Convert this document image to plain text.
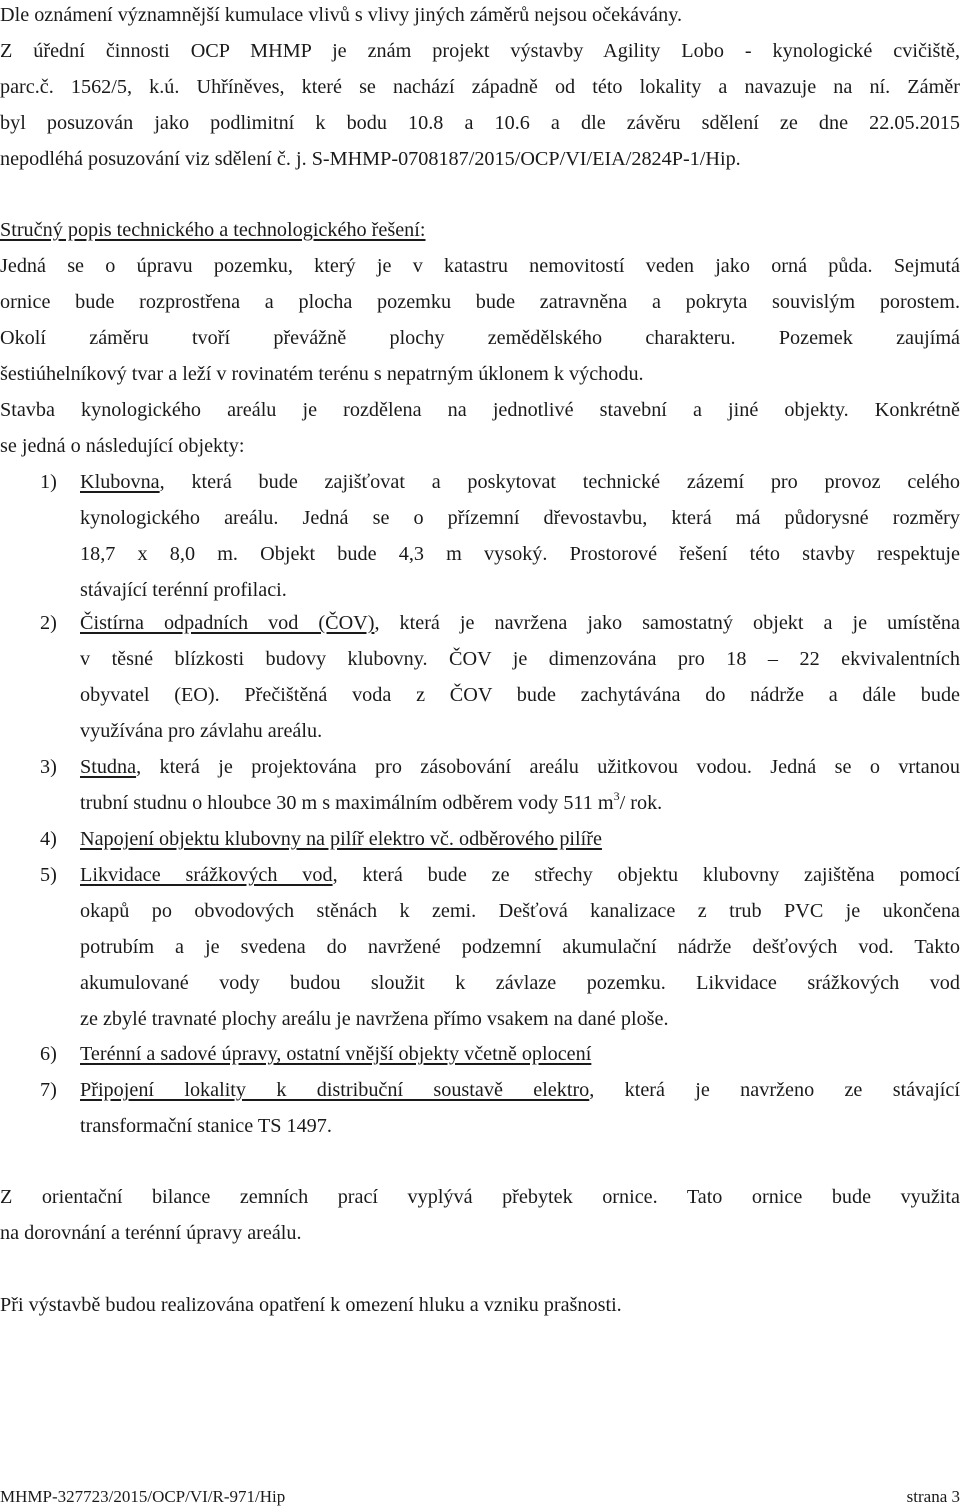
Dle oznámení významnější kumulace vlivů s vlivy jiných záměrů nejsou očekávány.

Z úřední činnosti OCP MHMP je znám projekt výstavby Agility Lobo - kynologické cvičiště,

parc.č. 1562/5, k.ú. Uhříněves, které se nachází západně od této lokality a navazuje na ní. Záměr

byl posuzován jako podlimitní k bodu 10.8 a 10.6 a dle závěru sdělení ze dne 22.05.2015

nepodléhá posuzování viz sdělení č. j. S-MHMP-0708187/2015/OCP/VI/EIA/2824P-1/Hip.

Stručný popis technického a technologického řešení:

Jedná se o úpravu pozemku, který je v katastru nemovitostí veden jako orná půda. Sejmutá

ornice bude rozprostřena a plocha pozemku bude zatravněna a pokryta souvislým porostem.

Okolí záměru tvoří převážně plochy zemědělského charakteru. Pozemek zaujímá

šestiúhelníkový tvar a leží v rovinatém terénu s nepatrným úklonem k východu.

Stavba kynologického areálu je rozdělena na jednotlivé stavební a jiné objekty. Konkrétně

se jedná o následující objekty:

1) Klubovna, která bude zajišťovat a poskytovat technické zázemí pro provoz celého

kynologického areálu. Jedná se o přízemní dřevostavbu, která má půdorysné rozměry

18,7 x 8,0 m. Objekt bude 4,3 m vysoký. Prostorové řešení této stavby respektuje

stávající terénní profilaci.

2) Čistírna odpadních vod (ČOV), která je navržena jako samostatný objekt a je umístěna

v těsné blízkosti budovy klubovny. ČOV je dimenzována pro 18 – 22 ekvivalentních

obyvatel (EO). Přečištěná voda z ČOV bude zachytávána do nádrže a dále bude

využívána pro závlahu areálu.

3) Studna, která je projektována pro zásobování areálu užitkovou vodou. Jedná se o vrtanou

trubní studnu o hloubce 30 m s maximálním odběrem vody 511 $m^3/$ rok.

4) Napojení objektu klubovny na pilíř elektro vč. odběrového pilíře

5) Likvidace srážkových vod, která bude ze střechy objektu klubovny zajištěna pomocí

okapů po obvodových stěnách k zemi. Dešťová kanalizace z trub PVC je ukončena

potrubím a je svedena do navržené podzemní akumulační nádrže dešťových vod. Takto

akumulované vody budou sloužit k závlaze pozemku. Likvidace srážkových vod

ze zbylé travnaté plochy areálu je navržena přímo vsakem na dané ploše.

6) Terénní a sadové úpravy, ostatní vnější objekty včetně oplocení

7) Připojení lokality k distribuční soustavě elektro, která je navrženo ze stávající

transformační stanice TS 1497.

Z orientační bilance zemních prací vyplývá přebytek ornice. Tato ornice bude využita

na dorovnání a terénní úpravy areálu.

Při výstavbě budou realizována opatření k omezení hluku a vzniku prašnosti.

MHMP-327723/2015/OCP/VI/R-971/Hip	strana 3
